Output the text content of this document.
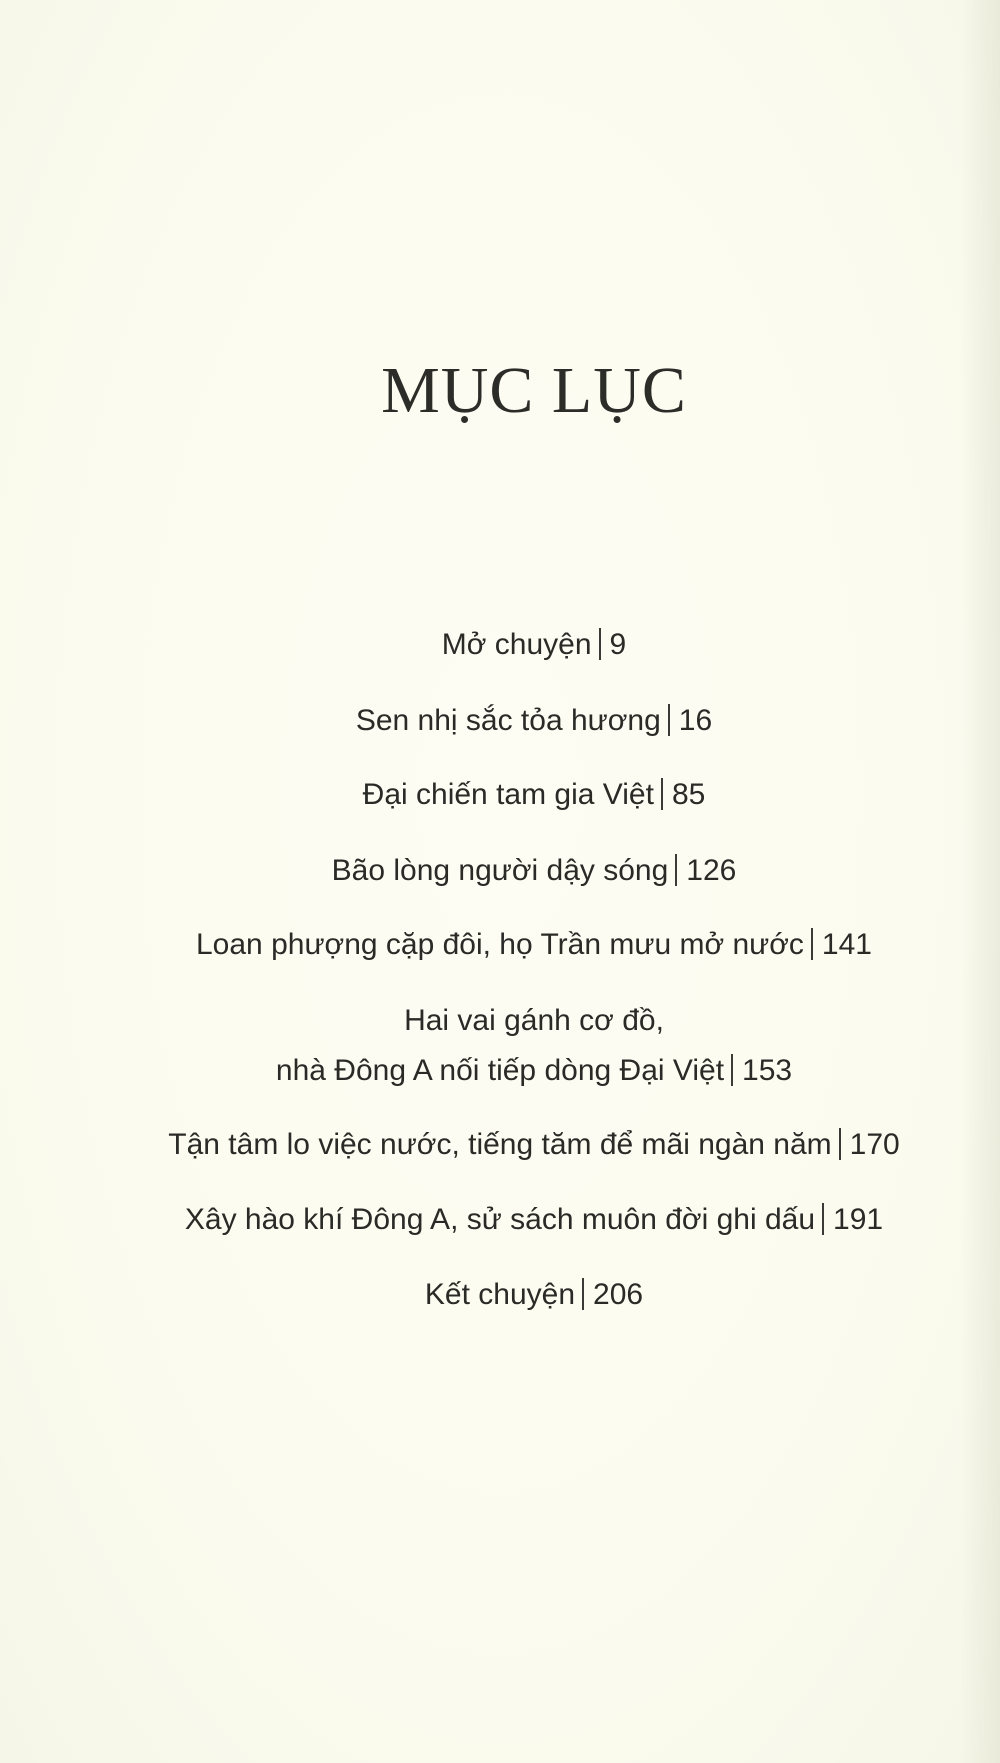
MỤC LỤC
Mở chuyện 9
Sen nhị sắc tỏa hương 16
Đại chiến tam gia Việt 85
Bão lòng người dậy sóng 126
Loan phượng cặp đôi, họ Trần mưu mở nước 141
Hai vai gánh cơ đồ,
nhà Đông A nối tiếp dòng Đại Việt 153
Tận tâm lo việc nước, tiếng tăm để mãi ngàn năm 170
Xây hào khí Đông A, sử sách muôn đời ghi dấu 191
Kết chuyện 206
